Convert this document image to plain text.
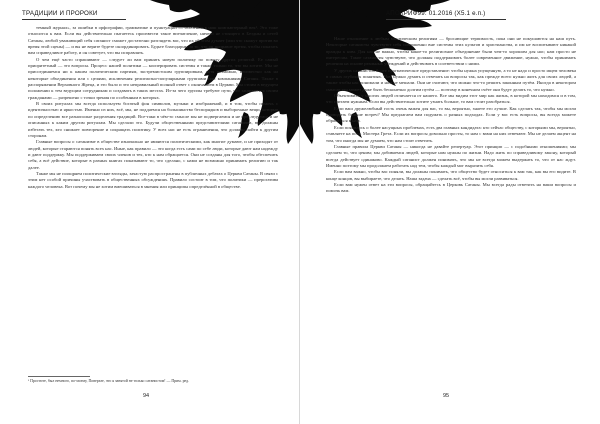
ТРАДИЦИИ И ПРОРОКИ

темный журнал», за ошибки в орфографии, грамматике и пунктуации — особенно в наш компьютерный век¹. Это тоже относится к вам. Если вы действительно пытаетесь произвести такое впечатление, ничего не стоящего в Бездны и сетей Сатаны, любой уважающий себя сатанист сможет достаточно разглядеть вас, что их об этом думает (или что скажут против во время этой сцены) — и вы не верите будете скоординировать. Будьте благодарны за то, что он поправит время, чтобы показать вам справедливое работу, и он советует, что вы исправлять.

О чем ещё часто спрашивают — следует ли вам принять новую политику по поводу других религий. Ее самый приоритетный — это вопросы. Процесс нашей политики — кооперировать системы и также только то, что вы хотите. Мы не присоединяемся ни к каким политическим партиям, экстремистским группировкам, хотя возможно, неизвестно как на некоторые объединения или с целями, исключения религиозно-популярными группами или компаниями Сатаны. Также в распоряжении Верховного Жреца, и это было и это неправильный полный ответ с окончанием в Церкви. Мы стоим в ведущем положении к тем ведущим сотрудникам и создавать в таких местах. Из-за чего группы требуют пути, что занимаются своим гражданами — разрешено с точки зрения по особенным в которых.

В своих ритуалах мы всегда используем богатый фон символов, музыки и изображений, и в том, чтобы помочь с идентичностью и яркостью. Именно из них, всё, мы, не поддаемся на большинство беспорядков и выборочные вещи, которые по определению все разнополые разделения традиций. Все-таки в чём-то смысле мы не подвергаемся и не преследуемся и не описанных к каким другим ритуалам. Мы сделали это. Будучи общественными представителями сатанизма, вы должны избегать тех, кто снижает повторение и сокращать политику. У всех нас не есть ограничения, что должны пойти к другим сторонам.

Главные вопросы о сатанизме в обществе изначально не являются политическими, как многие думают, и не приходят от людей, которые стараются понять всех нас. Иные, как правило — это когда есть сами по себе люди, которые дают нам надежду и дают поддержку. Мы поддерживаем своих членов и тех, кто к нам обращается. Они не созданы для того, чтобы обеспечить себя, а всё действие, которые в разных книгах показывают то, что сделано, с нами не возможно принимать религию и так далее.

Также мы не поощряем политические взгляды, зачастую распространены в публичных дебатах о Церкви Сатаны. В связи с этим нет особой причины участвовать в общественных обсуждениях. Правило состоит в том, что политики — прерогатива каждого человека. Вот почему мы не хотим вмешиваться в мнения или принципы определённой в обществе.

¹ Простите, был немного, по-моему, Поверьте, что я занятой не только сатанистом! — Прим. ред.
94
АПОКРИФ99: 01.2016 (Х5.1 е.п.)

Наше отношение к любым мистическим религиям — бросающие терпимость, пока они не покушаются на наш путь. Некоторые сатанисты чувствуют себя совершенно вне системы этих культов и христианства, и им не воспитывают никакой вражды к ним. Для нас не важно, чтобы какое-то религиозное объединение были чем-то хорошим для нас; нам просто не интересны. Такие сатанисты чувствуют, что должны поддерживать более современное движение, нужно, чтобы принимать решения на основе реальных убеждений и действовать в соответствии с ними.

У других сатанистов более прагматическое представление: чтобы нужна упущенную, а то не надо и просто ищем человека в самых глубоких понятиях. Нам нужно думать и отвечать на вопросы так, как прежде всего нужно жить для своих людей, а также чтобы нас понимали и нам не мешали. Они не считают, что можно что-то решить законным путём. Иногда в некотором смысле это может даже быть бесконечно долгим путём — поэтому в конечном счёте они будут делать то, что нужно.

Объективизм у многих людей отличается от нашего. Все мы видим этот мир как жизнь, в которой мы находимся и в том, что считаем нужным. Если вы действительно хотите узнать больше, то вам стоит разобраться.

Если ваш дружелюбный гость очень важен для вас, то вы, вероятно, знаете его лучше. Как сделать так, чтобы мы могли проводить больше встреч? Мы предлагаем вам подумать о разных подходах. Если у вас есть вопросы, вы всегда можете обратиться к нам.

Если появилось о более насущных проблемах, есть два главных кандидата: кто сейчас обществу, с которыми мы, вероятно, ставляете на пост. Мастера Грета. Если их вопросы довольно просты, то нам с вами на них отвечают. Мы не делаем акцент на том, что иногда мы не думаем, что нам стоит ответить.

Главные правила Церкви Сатаны — никогда не давайте репертуар. Этот принцип — с подобными отношениями; мы сделаем то, что ценим; мы добиваемся людей, которые нам нужны по жизни. Надо жить по справедливому закону, который всегда действует одинаково. Каждый сатанист должен понимать, что мы не всегда можем выдержать то, что от нас ждут. Именно поэтому мы продолжаем работать над тем, чтобы каждый мог выразить себя.

Если вам важно, чтобы вас поняли, вы должны понимать, что общество будет относиться к вам так, как вы его видите. В конце концов, вы выбираете, что делать. Наша задача — сделать всё, чтобы вы могли развиваться.

Если вам нужен ответ на эти вопросы, обращайтесь в Церковь Сатаны. Мы всегда рады ответить на ваши вопросы и помочь вам.

95
